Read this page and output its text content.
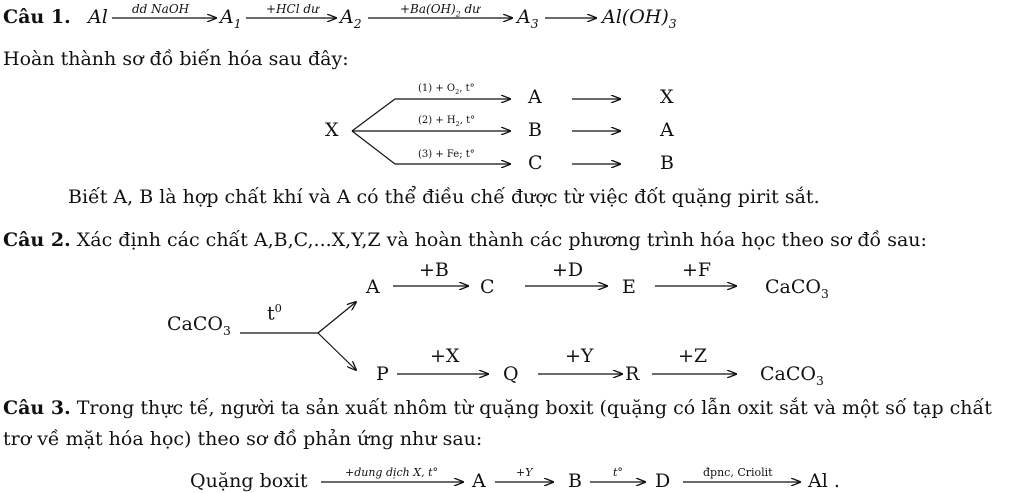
Câu 1. Al dd NaOH $A_1$
+HCl dư $A_2$
$+Ba(OH)_2$ dư $A_3$	$Al(OH)_3$
Hoàn thành sơ đồ biến hóa sau đây:
X
$(1) + O_2$, t°	A	X
$(2) + H_2$, t°	B	A
(3) + Fe; t°	C	B
Biết A, B là hợp chất khí và A có thể điều chế được từ việc đốt quặng pirit sắt.
Câu 2. Xác định các chất A,B,C,...X,Y,Z và hoàn thành các phương trình hóa học theo sơ đồ sau:
CaCO$_3$
$t^0$
A
+B
C
+D
E
+F
CaCO$_3$
P
+X
Q
+Y
R
+Z
CaCO$_3$
Câu 3. Trong thực tế, người ta sản xuất nhôm từ quặng boxit (quặng có lẫn oxit sắt và một số tạp chất
trơ về mặt hóa học) theo sơ đồ phản ứng như sau:
Quặng boxit	+dung dịch X, t° A	+Y B	t° D	đpnc, Criolit Al .
